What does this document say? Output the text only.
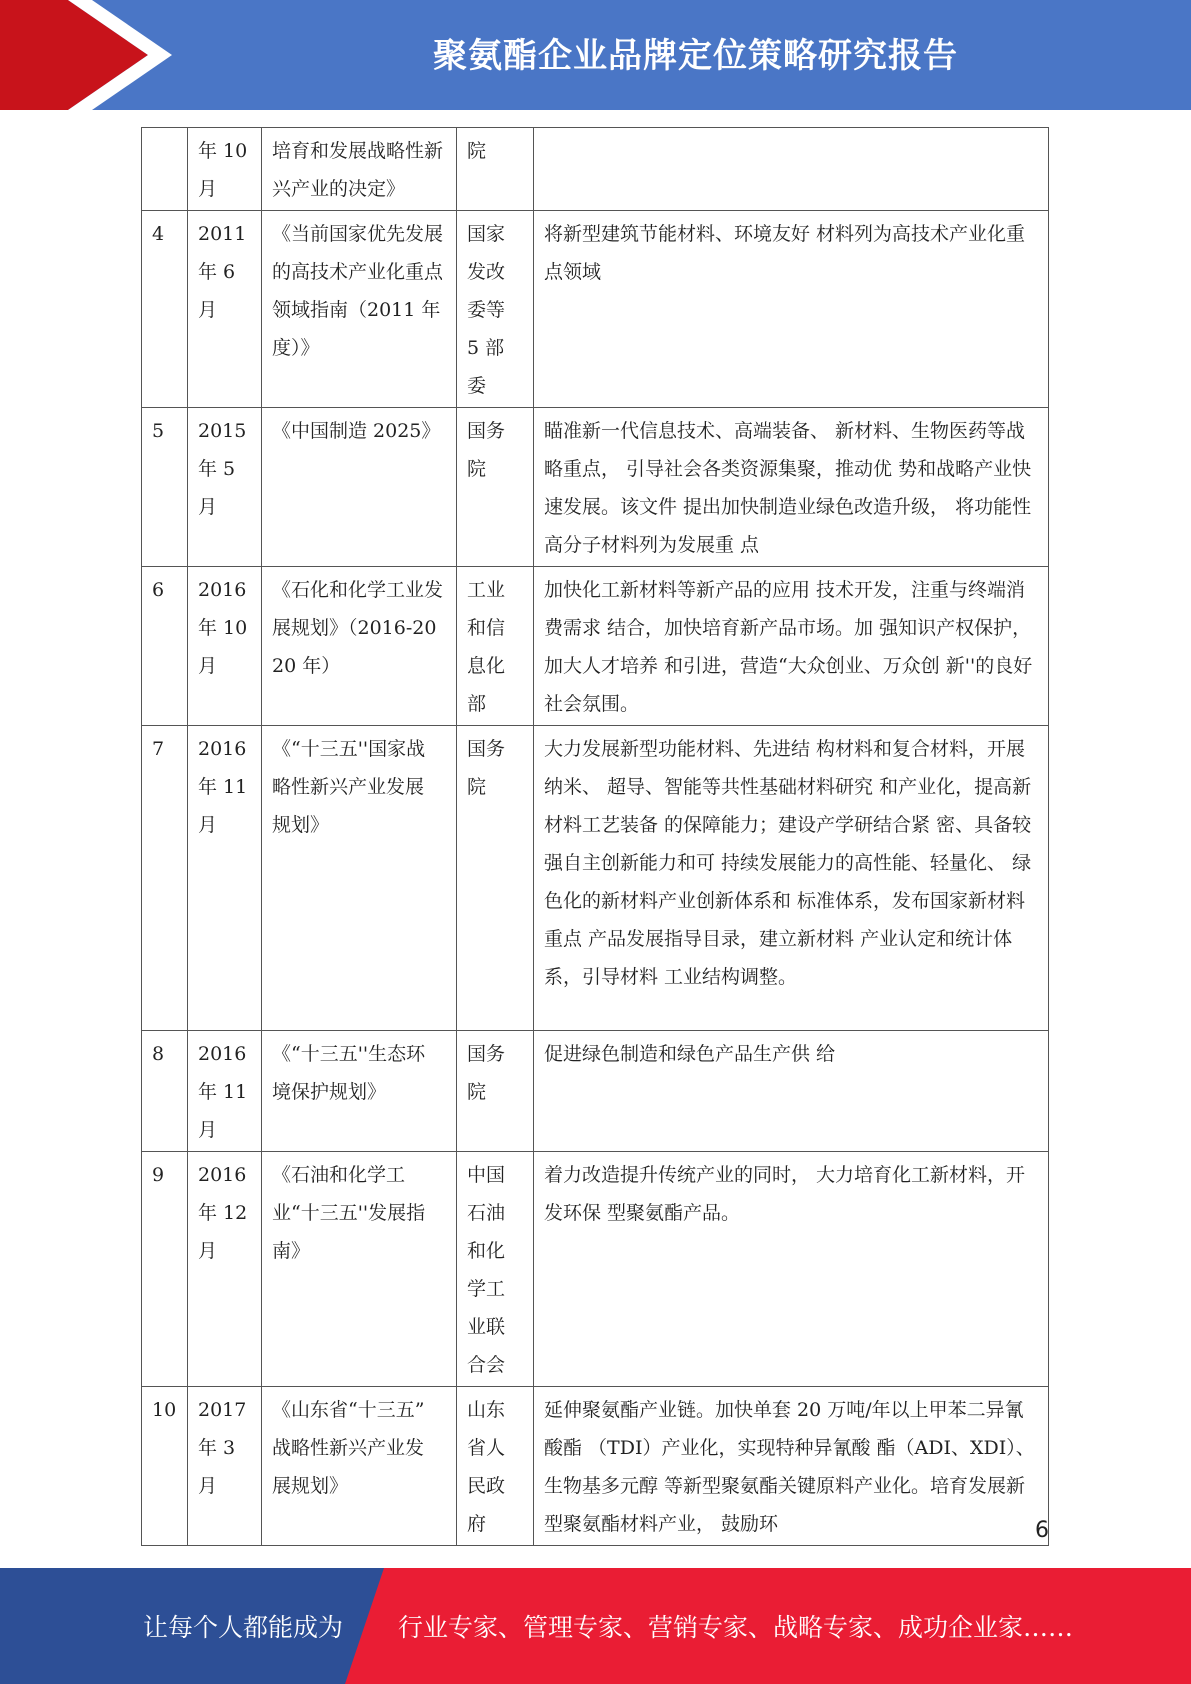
聚氨酯企业品牌定位策略研究报告
	年 10 月	培育和发展战略性新兴产业的决定》	院	
4	2011 年 6 月	《当前国家优先发展的高技术产业化重点领域指南（2011 年度）》	国家发改委等 5 部委	将新型建筑节能材料、环境友好 材料列为高技术产业化重点领域
5	2015 年 5 月	《中国制造 2025》	国务院	瞄准新一代信息技术、高端装备、 新材料、生物医药等战略重点， 引导社会各类资源集聚，推动优 势和战略产业快速发展。该文件 提出加快制造业绿色改造升级， 将功能性高分子材料列为发展重 点
6	2016 年 10 月	《石化和化学工业发展规划》（2016-2020 年）	工业和信息化部	加快化工新材料等新产品的应用 技术开发，注重与终端消费需求 结合，加快培育新产品市场。加 强知识产权保护，加大人才培养 和引进，营造“大众创业、万众创 新''的良好社会氛围。
7	2016 年 11 月	《“十三五''国家战 略性新兴产业发展 规划》	国务院	大力发展新型功能材料、先进结 构材料和复合材料，开展纳米、 超导、智能等共性基础材料研究 和产业化，提高新材料工艺装备 的保障能力；建设产学研结合紧 密、具备较强自主创新能力和可 持续发展能力的高性能、轻量化、 绿色化的新材料产业创新体系和 标准体系，发布国家新材料重点 产品发展指导目录，建立新材料 产业认定和统计体系，引导材料 工业结构调整。
8	2016 年 11 月	《“十三五''生态环 境保护规划》	国务院	促进绿色制造和绿色产品生产供 给
9	2016 年 12 月	《石油和化学工业“十三五''发展指南》	中国石油和化学工业联合会	着力改造提升传统产业的同时， 大力培育化工新材料，开发环保 型聚氨酯产品。
10	2017 年 3 月	《山东省“十三五” 战略性新兴产业发 展规划》	山东省人民政府	延伸聚氨酯产业链。加快单套 20 万吨/年以上甲苯二异氰酸酯 （TDI）产业化，实现特种异氰酸 酯（ADI、XDI）、生物基多元醇 等新型聚氨酯关键原料产业化。培育发展新型聚氨酯材料产业， 鼓励环	6
让每个人都能成为 行业专家、管理专家、营销专家、战略专家、成功企业家……
